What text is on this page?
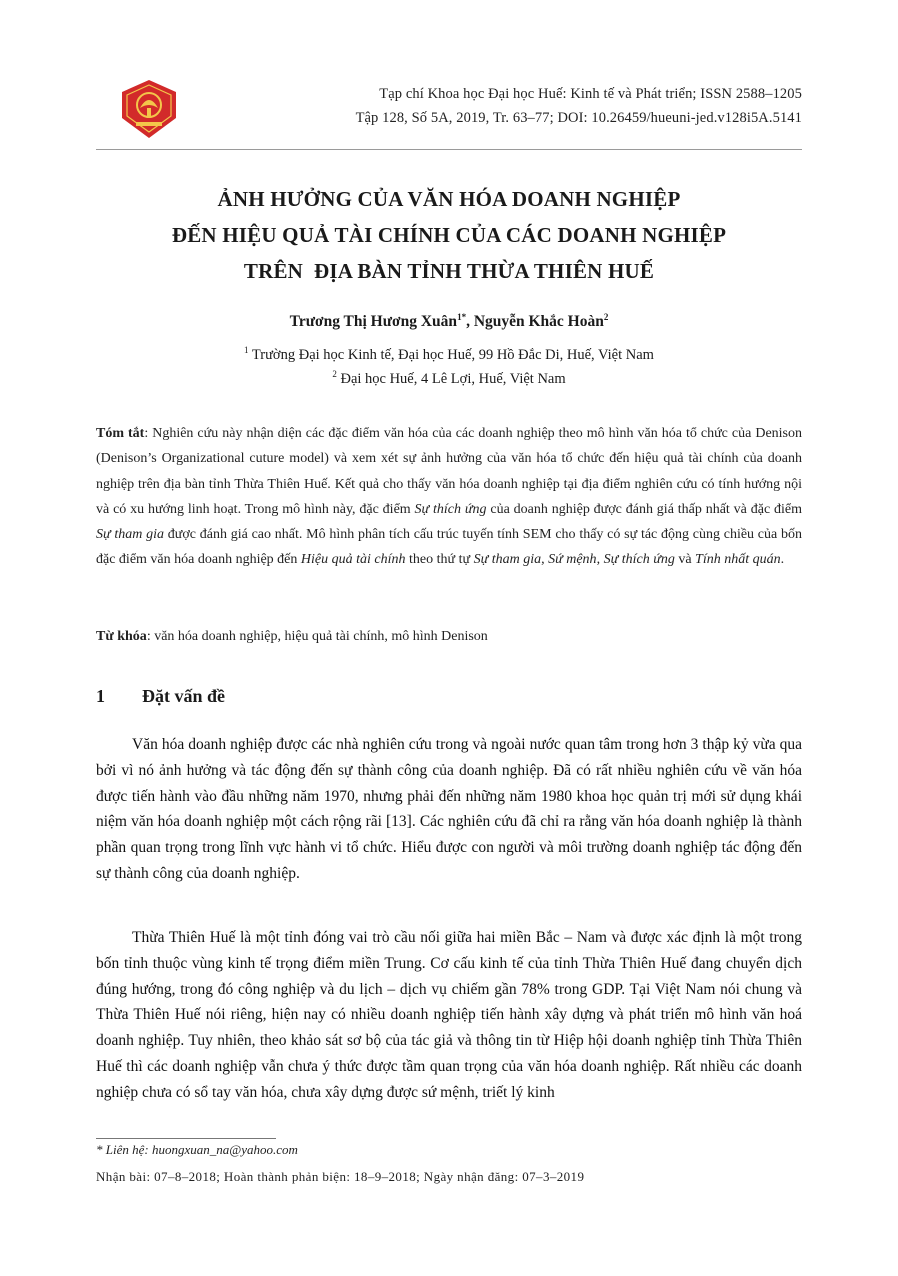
Tạp chí Khoa học Đại học Huế: Kinh tế và Phát triển; ISSN 2588–1205
Tập 128, Số 5A, 2019, Tr. 63–77; DOI: 10.26459/hueuni-jed.v128i5A.5141
ẢNH HƯỞNG CỦA VĂN HÓA DOANH NGHIỆP
ĐẾN HIỆU QUẢ TÀI CHÍNH CỦA CÁC DOANH NGHIỆP
TRÊN  ĐỊA BÀN TỈNH THỪA THIÊN HUẾ
Trương Thị Hương Xuân$^{1*}$, Nguyễn Khắc Hoàn$^2$
$^1$ Trường Đại học Kinh tế, Đại học Huế, 99 Hồ Đắc Di, Huế, Việt Nam
$^2$ Đại học Huế, 4 Lê Lợi, Huế, Việt Nam
Tóm tắt: Nghiên cứu này nhận diện các đặc điểm văn hóa của các doanh nghiệp theo mô hình văn hóa tổ chức của Denison (Denison’s Organizational cuture model) và xem xét sự ảnh hưởng của văn hóa tổ chức đến hiệu quả tài chính của doanh nghiệp trên địa bàn tỉnh Thừa Thiên Huế. Kết quả cho thấy văn hóa doanh nghiệp tại địa điểm nghiên cứu có tính hướng nội và có xu hướng linh hoạt. Trong mô hình này, đặc điểm Sự thích ứng của doanh nghiệp được đánh giá thấp nhất và đặc điểm Sự tham gia được đánh giá cao nhất. Mô hình phân tích cấu trúc tuyến tính SEM cho thấy có sự tác động cùng chiều của bốn đặc điểm văn hóa doanh nghiệp đến Hiệu quả tài chính theo thứ tự Sự tham gia, Sứ mệnh, Sự thích ứng và Tính nhất quán.
Từ khóa: văn hóa doanh nghiệp, hiệu quả tài chính, mô hình Denison
1 Đặt vấn đề
Văn hóa doanh nghiệp được các nhà nghiên cứu trong và ngoài nước quan tâm trong hơn 3 thập kỷ vừa qua bởi vì nó ảnh hưởng và tác động đến sự thành công của doanh nghiệp. Đã có rất nhiều nghiên cứu về văn hóa được tiến hành vào đầu những năm 1970, nhưng phải đến những năm 1980 khoa học quản trị mới sử dụng khái niệm văn hóa doanh nghiệp một cách rộng rãi [13]. Các nghiên cứu đã chỉ ra rằng văn hóa doanh nghiệp là thành phần quan trọng trong lĩnh vực hành vi tổ chức. Hiểu được con người và môi trường doanh nghiệp tác động đến sự thành công của doanh nghiệp.
Thừa Thiên Huế là một tỉnh đóng vai trò cầu nối giữa hai miền Bắc – Nam và được xác định là một trong bốn tỉnh thuộc vùng kinh tế trọng điểm miền Trung. Cơ cấu kinh tế của tỉnh Thừa Thiên Huế đang chuyển dịch đúng hướng, trong đó công nghiệp và du lịch – dịch vụ chiếm gần 78% trong GDP. Tại Việt Nam nói chung và Thừa Thiên Huế nói riêng, hiện nay có nhiều doanh nghiệp tiến hành xây dựng và phát triển mô hình văn hoá doanh nghiệp. Tuy nhiên, theo khảo sát sơ bộ của tác giả và thông tin từ Hiệp hội doanh nghiệp tỉnh Thừa Thiên Huế thì các doanh nghiệp vẫn chưa ý thức được tầm quan trọng của văn hóa doanh nghiệp. Rất nhiều các doanh nghiệp chưa có sổ tay văn hóa, chưa xây dựng được sứ mệnh, triết lý kinh
* Liên hệ: huongxuan_na@yahoo.com
Nhận bài: 07–8–2018; Hoàn thành phản biện: 18–9–2018; Ngày nhận đăng: 07–3–2019
